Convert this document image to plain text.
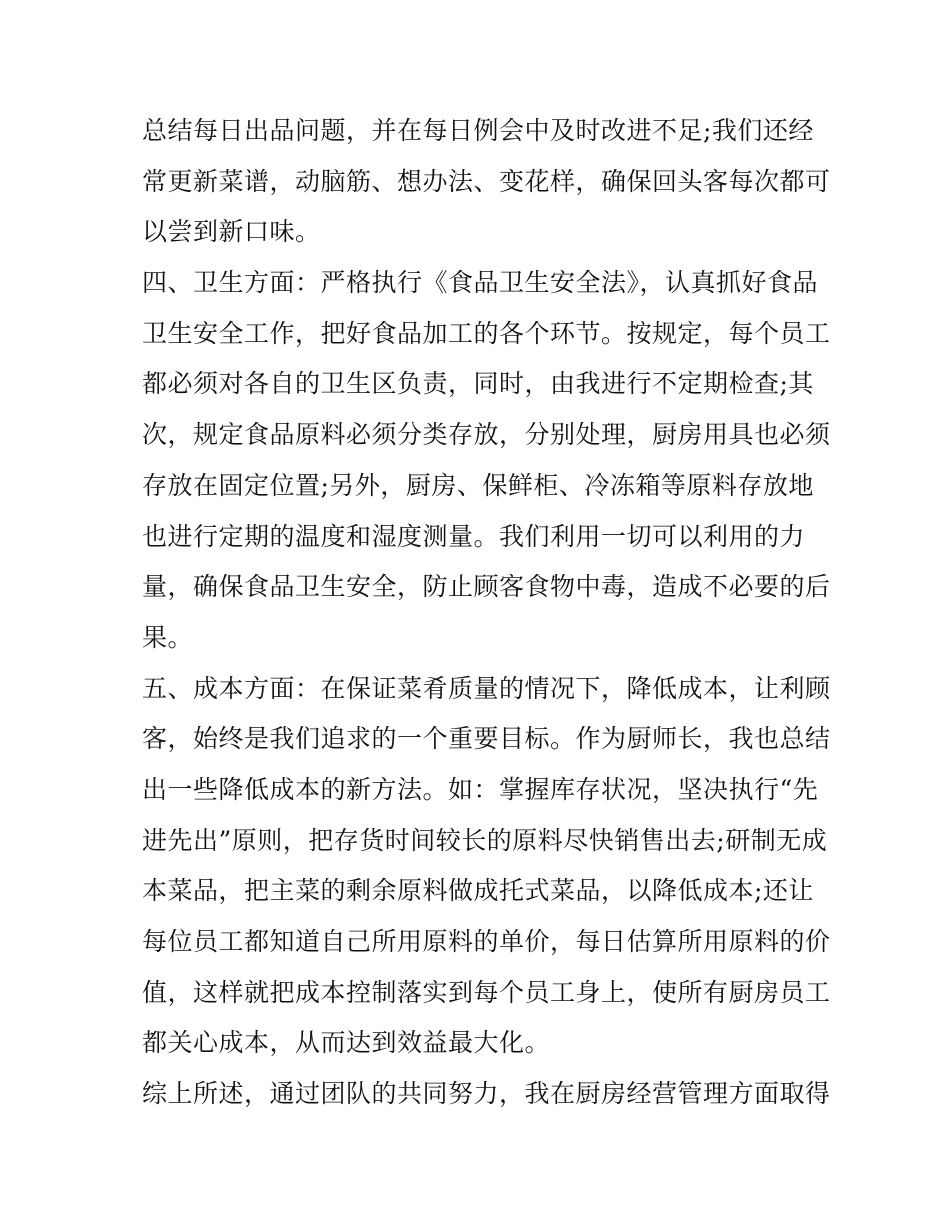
总结每日出品问题，并在每日例会中及时改进不足;我们还经
常更新菜谱，动脑筋、想办法、变花样，确保回头客每次都可
以尝到新口味。
四、卫生方面：严格执行《食品卫生安全法》，认真抓好食品
卫生安全工作，把好食品加工的各个环节。按规定，每个员工
都必须对各自的卫生区负责，同时，由我进行不定期检查;其
次，规定食品原料必须分类存放，分别处理，厨房用具也必须
存放在固定位置;另外，厨房、保鲜柜、冷冻箱等原料存放地
也进行定期的温度和湿度测量。我们利用一切可以利用的力
量，确保食品卫生安全，防止顾客食物中毒，造成不必要的后
果。
五、成本方面：在保证菜肴质量的情况下，降低成本，让利顾
客，始终是我们追求的一个重要目标。作为厨师长，我也总结
出一些降低成本的新方法。如：掌握库存状况，坚决执行“先
进先出”原则，把存货时间较长的原料尽快销售出去;研制无成
本菜品，把主菜的剩余原料做成托式菜品，以降低成本;还让
每位员工都知道自己所用原料的单价，每日估算所用原料的价
值，这样就把成本控制落实到每个员工身上，使所有厨房员工
都关心成本，从而达到效益最大化。
综上所述，通过团队的共同努力，我在厨房经营管理方面取得
